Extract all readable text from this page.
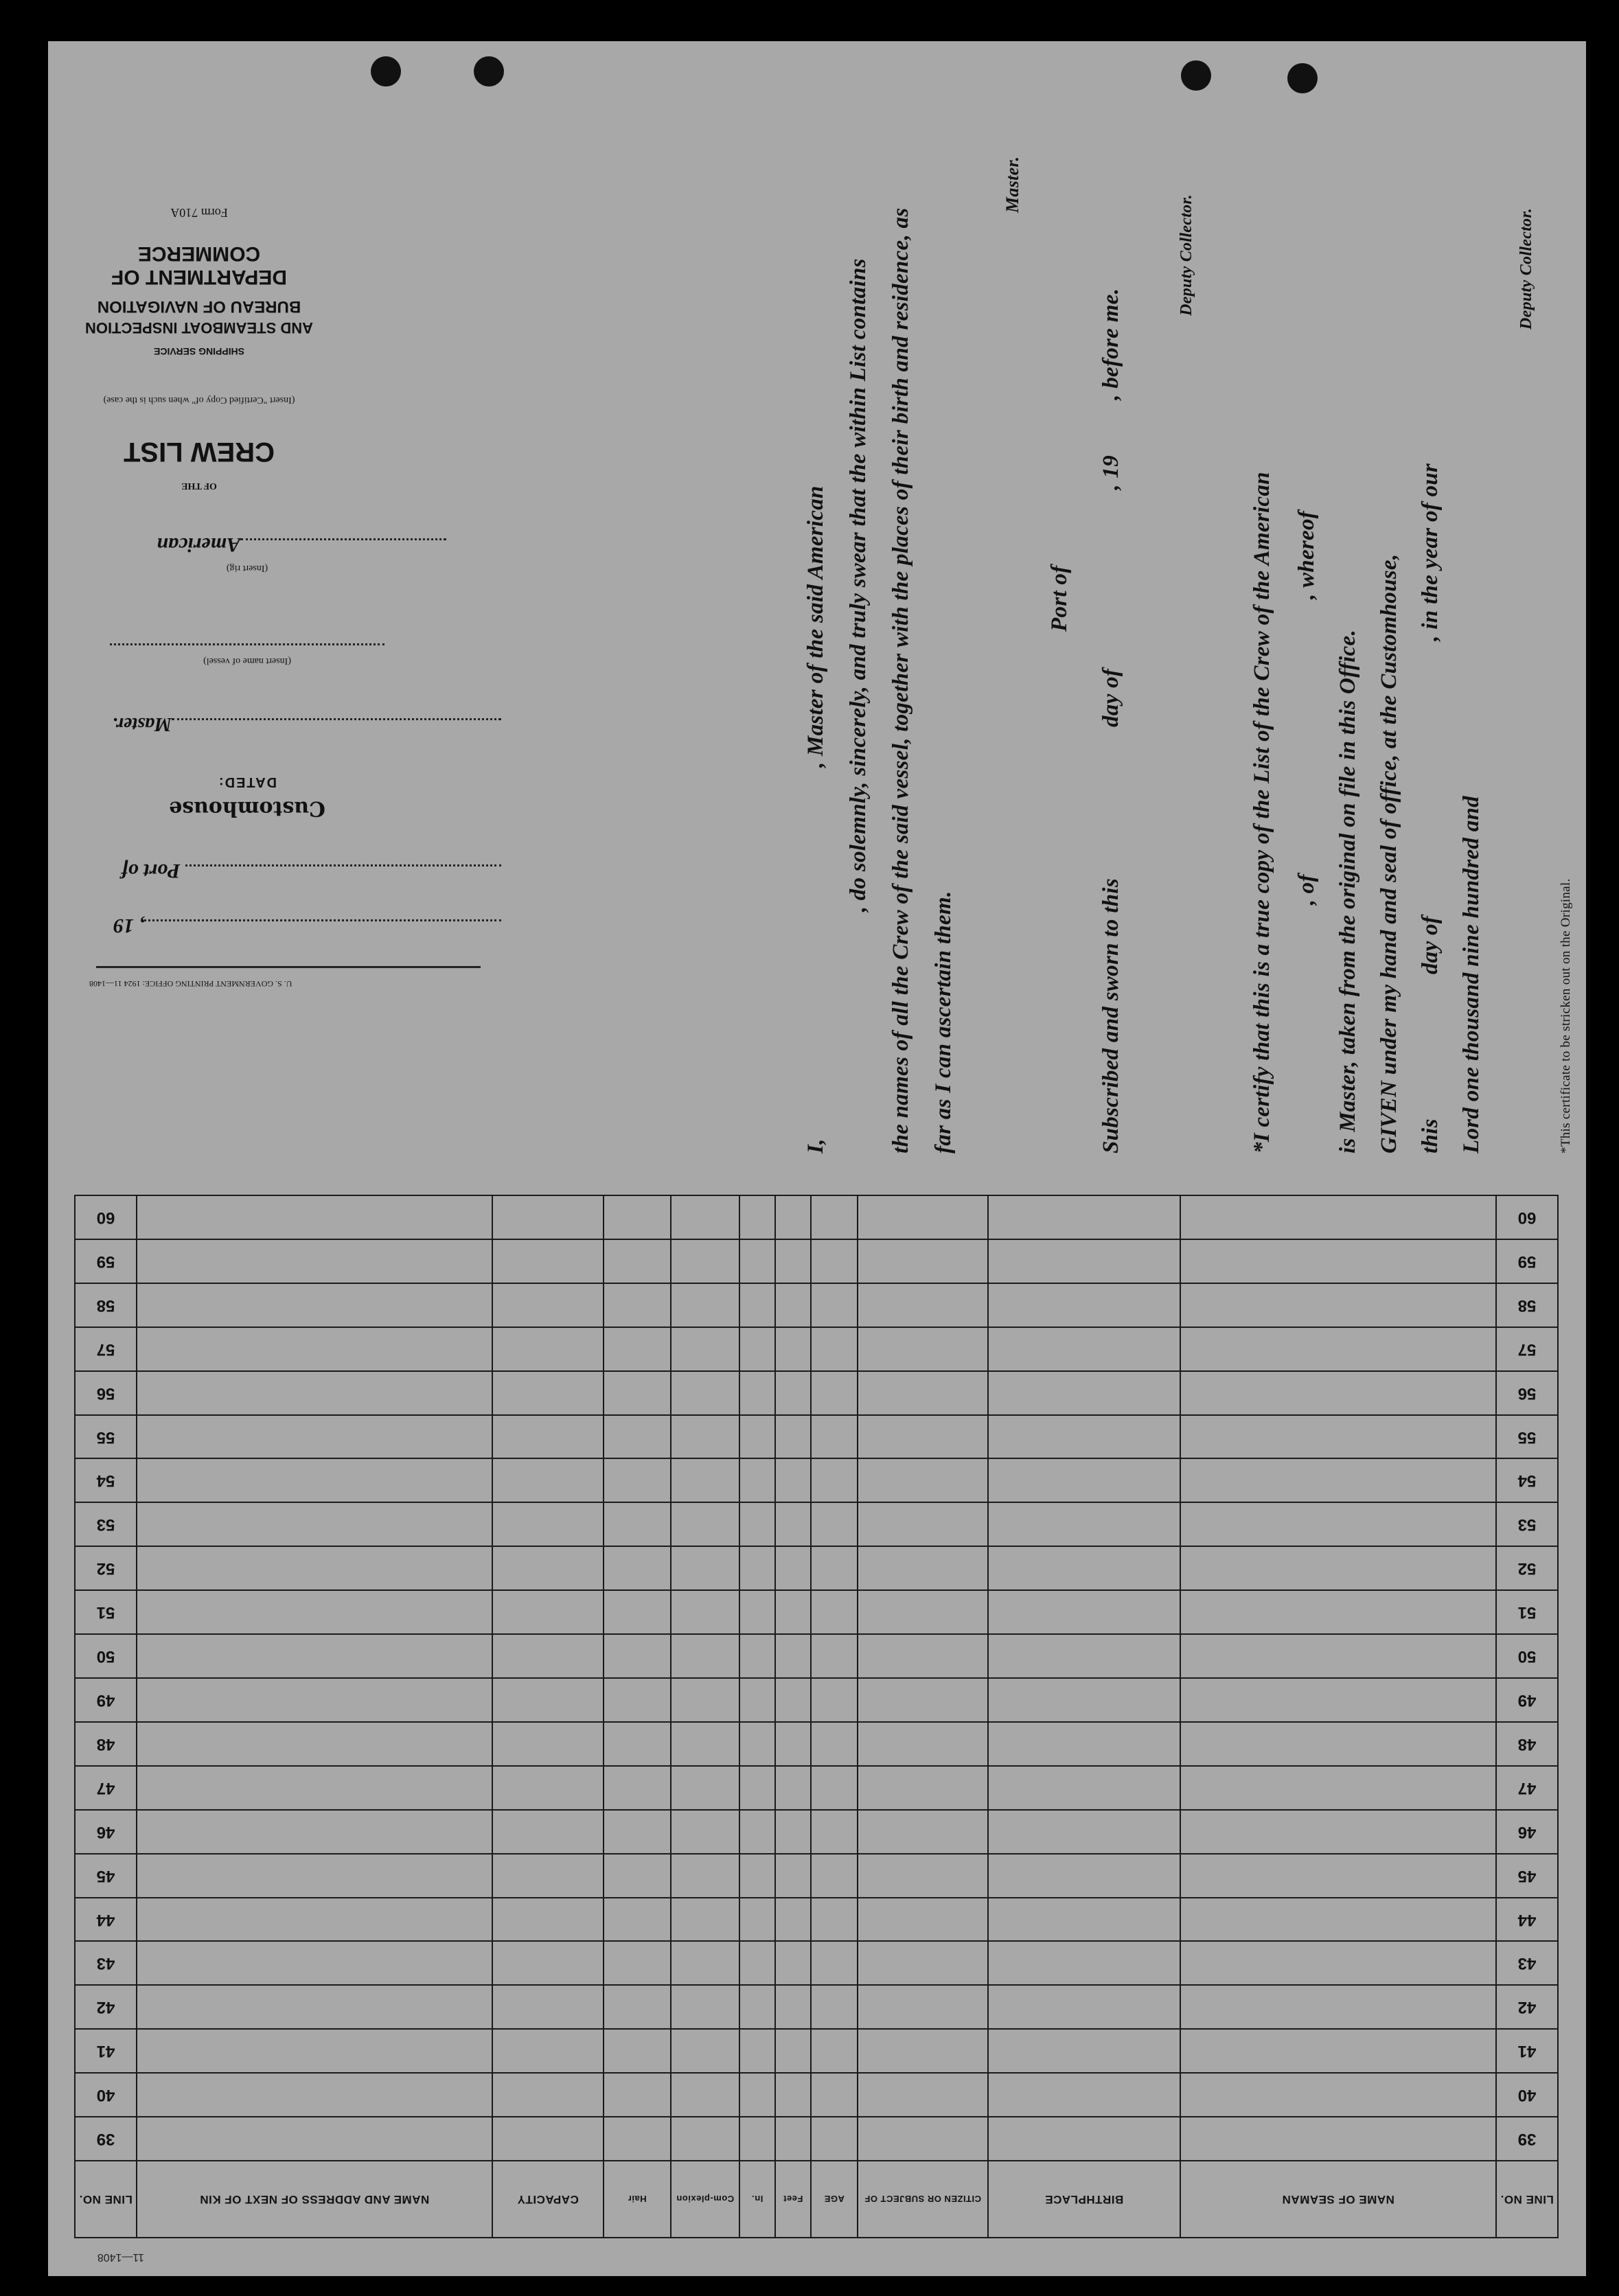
I,  , Master of the said American , do solemnly, sincerely, and truly swear that the within List contains the names of all the Crew of the said vessel, together with the places of their birth and residence, as far as I can ascertain them.
Master.
Port of
Subscribed and sworn to this  day of  , 19  , before me.
Deputy Collector.
*I certify that this is a true copy of the List of the Crew of the American , of  , whereof
is Master, taken from the original on file in this Office. GIVEN under my hand and seal of office, at the Customhouse, this  day of  , in the year of our
Lord one thousand nine hundred and
Deputy Collector.
*This certificate to be stricken out on the Original.
Form 710A
DEPARTMENT OF COMMERCE
BUREAU OF NAVIGATION
AND STEAMBOAT INSPECTION
SHIPPING SERVICE
(Insert "Certified Copy of" when such is the case)
CREW LIST
OF THE
American
(Insert rig)
(Insert name of vessel)
Master.
DATED:
Customhouse
Port of
, 19
U. S. GOVERNMENT PRINTING OFFICE: 1924 11—1408
LINE NO.	NAME OF SEAMAN	BIRTHPLACE	CITIZEN OR SUBJECT OF	AGE	Feet	In.	Com-plexion	Hair	CAPACITY	NAME AND ADDRESS OF NEXT OF KIN	LINE NO.
39											39
40											40
41											41
42											42
43											43
44											44
45											45
46											46
47											47
48											48
49											49
50											50
51											51
52											52
53											53
54											54
55											55
56											56
57											57
58											58
59											59
60											60
11—1408
